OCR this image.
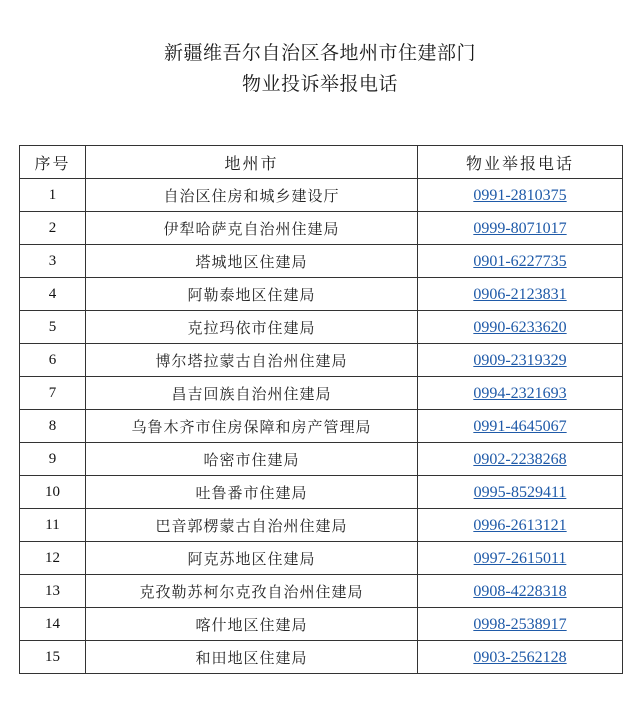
新疆维吾尔自治区各地州市住建部门
物业投诉举报电话
序号	地州市	物业举报电话
1	自治区住房和城乡建设厅	0991-2810375
2	伊犁哈萨克自治州住建局	0999-8071017
3	塔城地区住建局	0901-6227735
4	阿勒泰地区住建局	0906-2123831
5	克拉玛依市住建局	0990-6233620
6	博尔塔拉蒙古自治州住建局	0909-2319329
7	昌吉回族自治州住建局	0994-2321693
8	乌鲁木齐市住房保障和房产管理局	0991-4645067
9	哈密市住建局	0902-2238268
10	吐鲁番市住建局	0995-8529411
11	巴音郭楞蒙古自治州住建局	0996-2613121
12	阿克苏地区住建局	0997-2615011
13	克孜勒苏柯尔克孜自治州住建局	0908-4228318
14	喀什地区住建局	0998-2538917
15	和田地区住建局	0903-2562128
